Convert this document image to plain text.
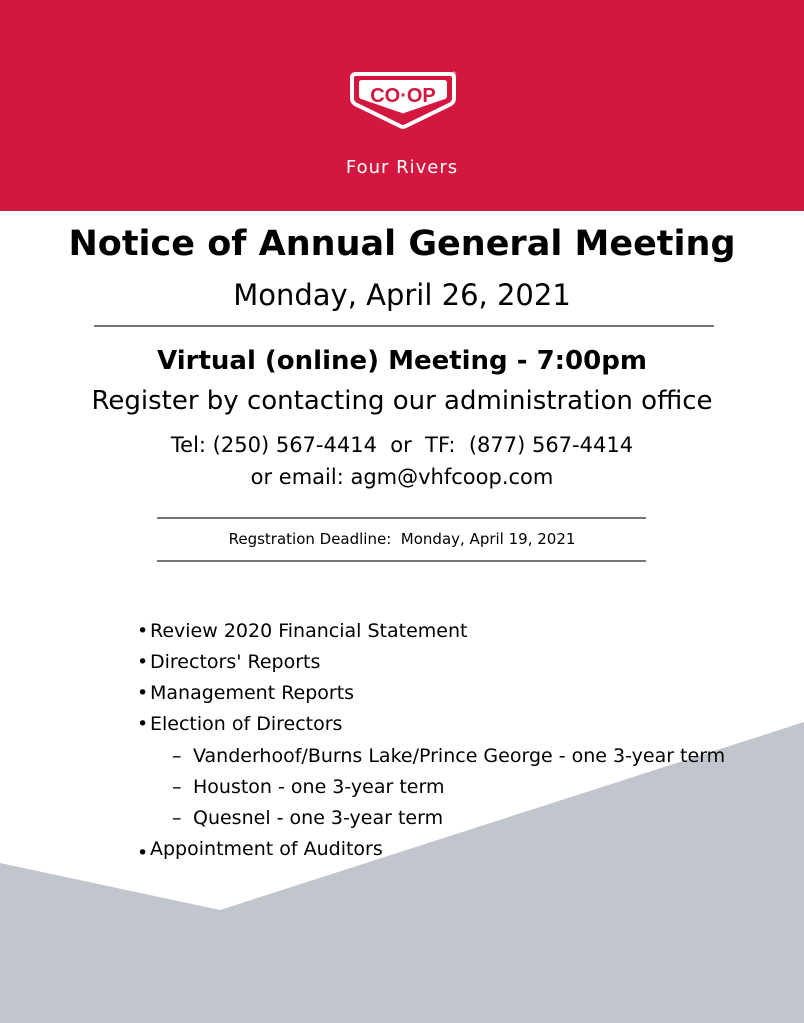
CO·OP
®
Four Rivers
Notice of Annual General Meeting
Monday, April 26, 2021
Virtual (online) Meeting - 7:00pm
Register by contacting our administration office
Tel: (250) 567-4414  or  TF:  (877) 567-4414
or email: agm@vhfcoop.com
Regstration Deadline:  Monday, April 19, 2021
• Review 2020 Financial Statement
• Directors' Reports
• Management Reports
• Election of Directors
– Vanderhoof/Burns Lake/Prince George - one 3-year term
– Houston - one 3-year term
– Quesnel - one 3-year term
• Appointment of Auditors
